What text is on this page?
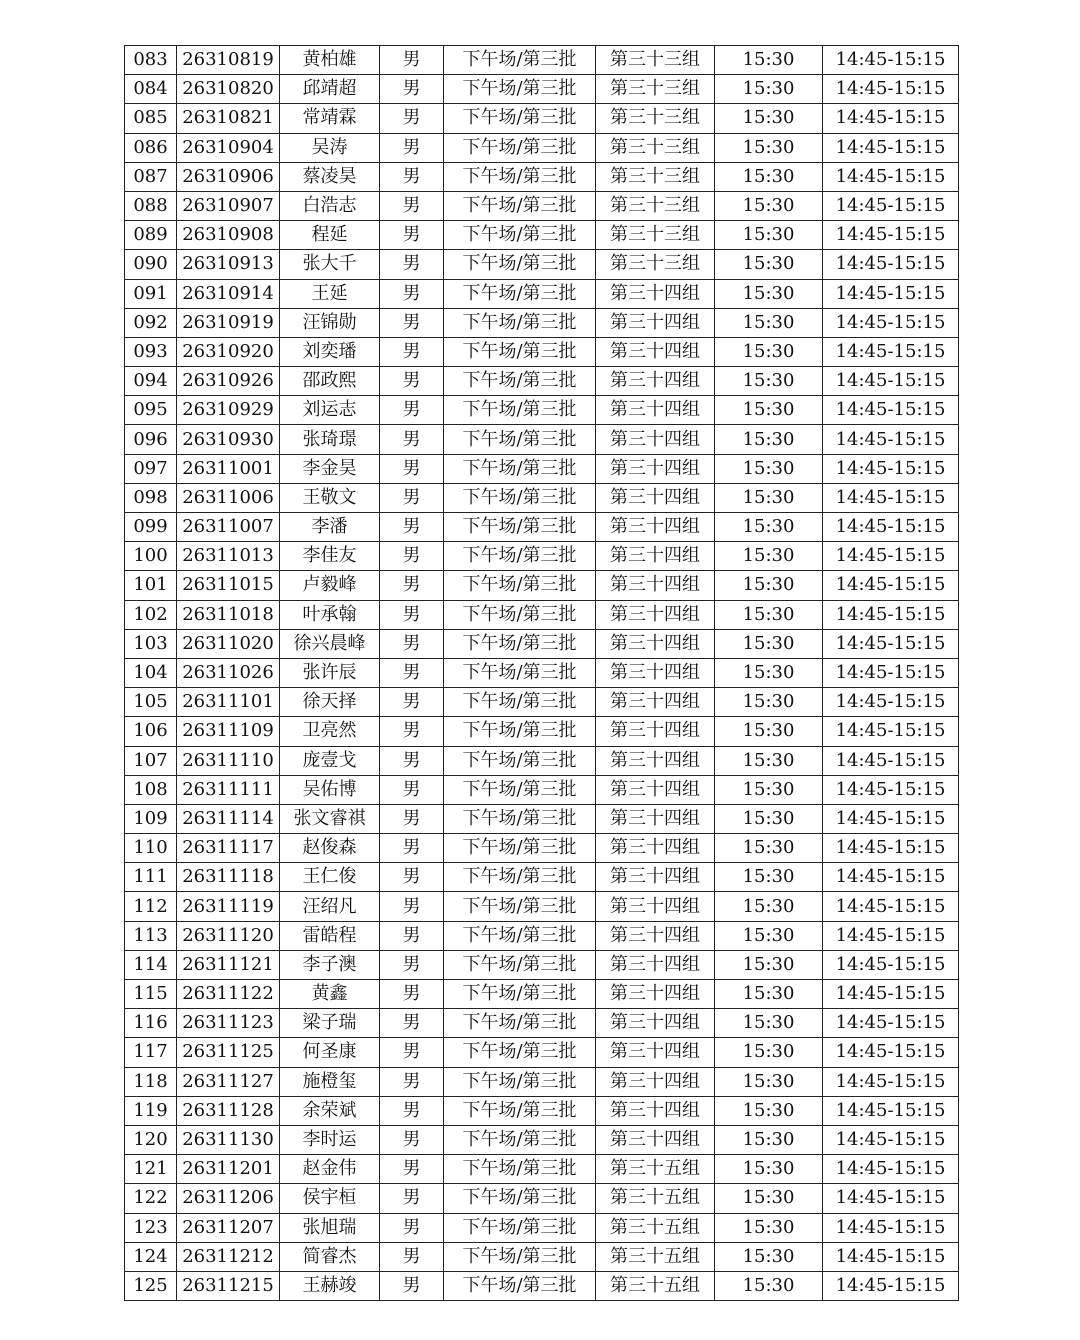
083	26310819	黄柏雄	男	下午场/第三批	第三十三组	15:30	14:45-15:15
084	26310820	邱靖超	男	下午场/第三批	第三十三组	15:30	14:45-15:15
085	26310821	常靖霖	男	下午场/第三批	第三十三组	15:30	14:45-15:15
086	26310904	吴涛	男	下午场/第三批	第三十三组	15:30	14:45-15:15
087	26310906	蔡凌昊	男	下午场/第三批	第三十三组	15:30	14:45-15:15
088	26310907	白浩志	男	下午场/第三批	第三十三组	15:30	14:45-15:15
089	26310908	程延	男	下午场/第三批	第三十三组	15:30	14:45-15:15
090	26310913	张大千	男	下午场/第三批	第三十三组	15:30	14:45-15:15
091	26310914	王延	男	下午场/第三批	第三十四组	15:30	14:45-15:15
092	26310919	汪锦勋	男	下午场/第三批	第三十四组	15:30	14:45-15:15
093	26310920	刘奕璠	男	下午场/第三批	第三十四组	15:30	14:45-15:15
094	26310926	邵政熙	男	下午场/第三批	第三十四组	15:30	14:45-15:15
095	26310929	刘运志	男	下午场/第三批	第三十四组	15:30	14:45-15:15
096	26310930	张琦璟	男	下午场/第三批	第三十四组	15:30	14:45-15:15
097	26311001	李金昊	男	下午场/第三批	第三十四组	15:30	14:45-15:15
098	26311006	王敬文	男	下午场/第三批	第三十四组	15:30	14:45-15:15
099	26311007	李潘	男	下午场/第三批	第三十四组	15:30	14:45-15:15
100	26311013	李佳友	男	下午场/第三批	第三十四组	15:30	14:45-15:15
101	26311015	卢毅峰	男	下午场/第三批	第三十四组	15:30	14:45-15:15
102	26311018	叶承翰	男	下午场/第三批	第三十四组	15:30	14:45-15:15
103	26311020	徐兴晨峰	男	下午场/第三批	第三十四组	15:30	14:45-15:15
104	26311026	张许辰	男	下午场/第三批	第三十四组	15:30	14:45-15:15
105	26311101	徐天择	男	下午场/第三批	第三十四组	15:30	14:45-15:15
106	26311109	卫亮然	男	下午场/第三批	第三十四组	15:30	14:45-15:15
107	26311110	庞壹戈	男	下午场/第三批	第三十四组	15:30	14:45-15:15
108	26311111	吴佑博	男	下午场/第三批	第三十四组	15:30	14:45-15:15
109	26311114	张文睿祺	男	下午场/第三批	第三十四组	15:30	14:45-15:15
110	26311117	赵俊森	男	下午场/第三批	第三十四组	15:30	14:45-15:15
111	26311118	王仁俊	男	下午场/第三批	第三十四组	15:30	14:45-15:15
112	26311119	汪绍凡	男	下午场/第三批	第三十四组	15:30	14:45-15:15
113	26311120	雷皓程	男	下午场/第三批	第三十四组	15:30	14:45-15:15
114	26311121	李子澳	男	下午场/第三批	第三十四组	15:30	14:45-15:15
115	26311122	黄鑫	男	下午场/第三批	第三十四组	15:30	14:45-15:15
116	26311123	梁子瑞	男	下午场/第三批	第三十四组	15:30	14:45-15:15
117	26311125	何圣康	男	下午场/第三批	第三十四组	15:30	14:45-15:15
118	26311127	施橙玺	男	下午场/第三批	第三十四组	15:30	14:45-15:15
119	26311128	余荣斌	男	下午场/第三批	第三十四组	15:30	14:45-15:15
120	26311130	李时运	男	下午场/第三批	第三十四组	15:30	14:45-15:15
121	26311201	赵金伟	男	下午场/第三批	第三十五组	15:30	14:45-15:15
122	26311206	侯宇桓	男	下午场/第三批	第三十五组	15:30	14:45-15:15
123	26311207	张旭瑞	男	下午场/第三批	第三十五组	15:30	14:45-15:15
124	26311212	简睿杰	男	下午场/第三批	第三十五组	15:30	14:45-15:15
125	26311215	王赫竣	男	下午场/第三批	第三十五组	15:30	14:45-15:15
